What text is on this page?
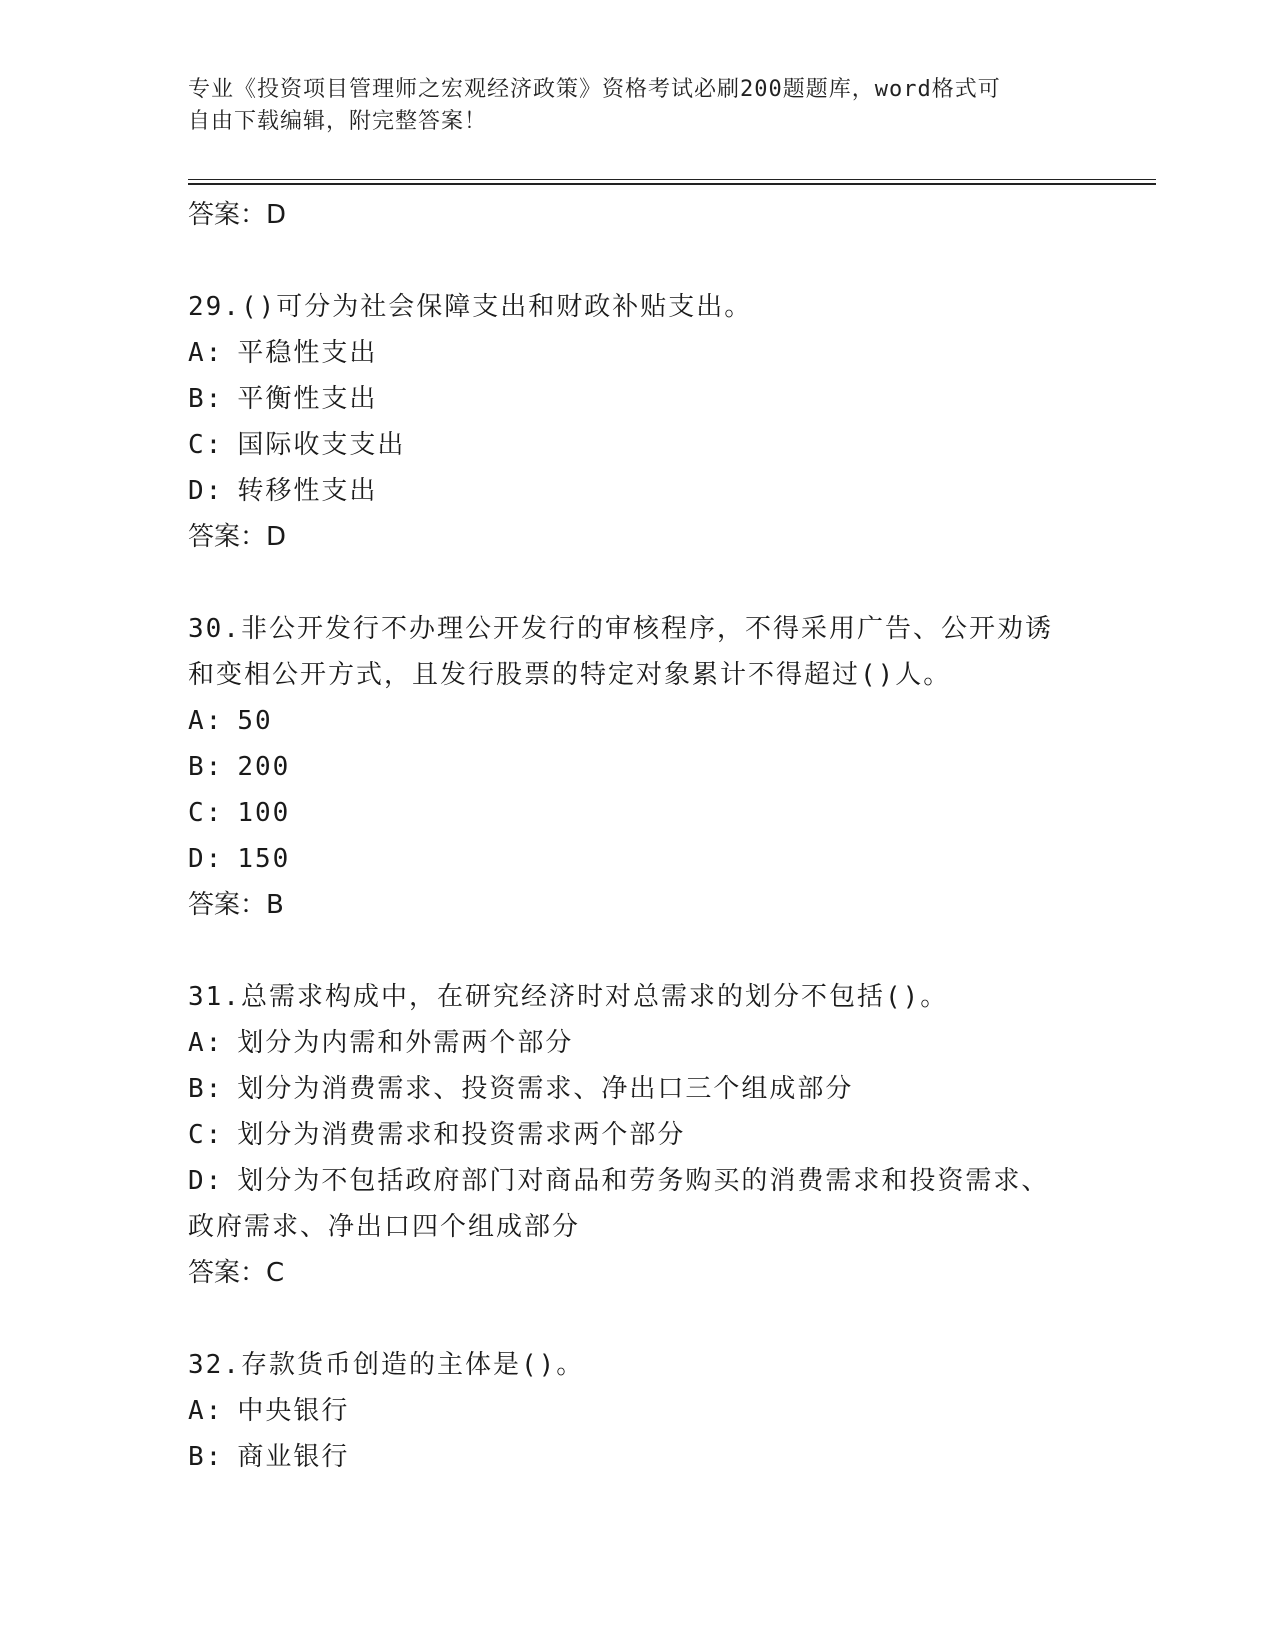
专业《投资项目管理师之宏观经济政策》资格考试必刷200题题库，word格式可
自由下载编辑，附完整答案！
答案：D
29.()可分为社会保障支出和财政补贴支出。
A: 平稳性支出
B: 平衡性支出
C: 国际收支支出
D: 转移性支出
答案：D
30.非公开发行不办理公开发行的审核程序，不得采用广告、公开劝诱
和变相公开方式，且发行股票的特定对象累计不得超过()人。
A: 50
B: 200
C: 100
D: 150
答案：B
31.总需求构成中，在研究经济时对总需求的划分不包括()。
A: 划分为内需和外需两个部分
B: 划分为消费需求、投资需求、净出口三个组成部分
C: 划分为消费需求和投资需求两个部分
D: 划分为不包括政府部门对商品和劳务购买的消费需求和投资需求、
政府需求、净出口四个组成部分
答案：C
32.存款货币创造的主体是()。
A: 中央银行
B: 商业银行
